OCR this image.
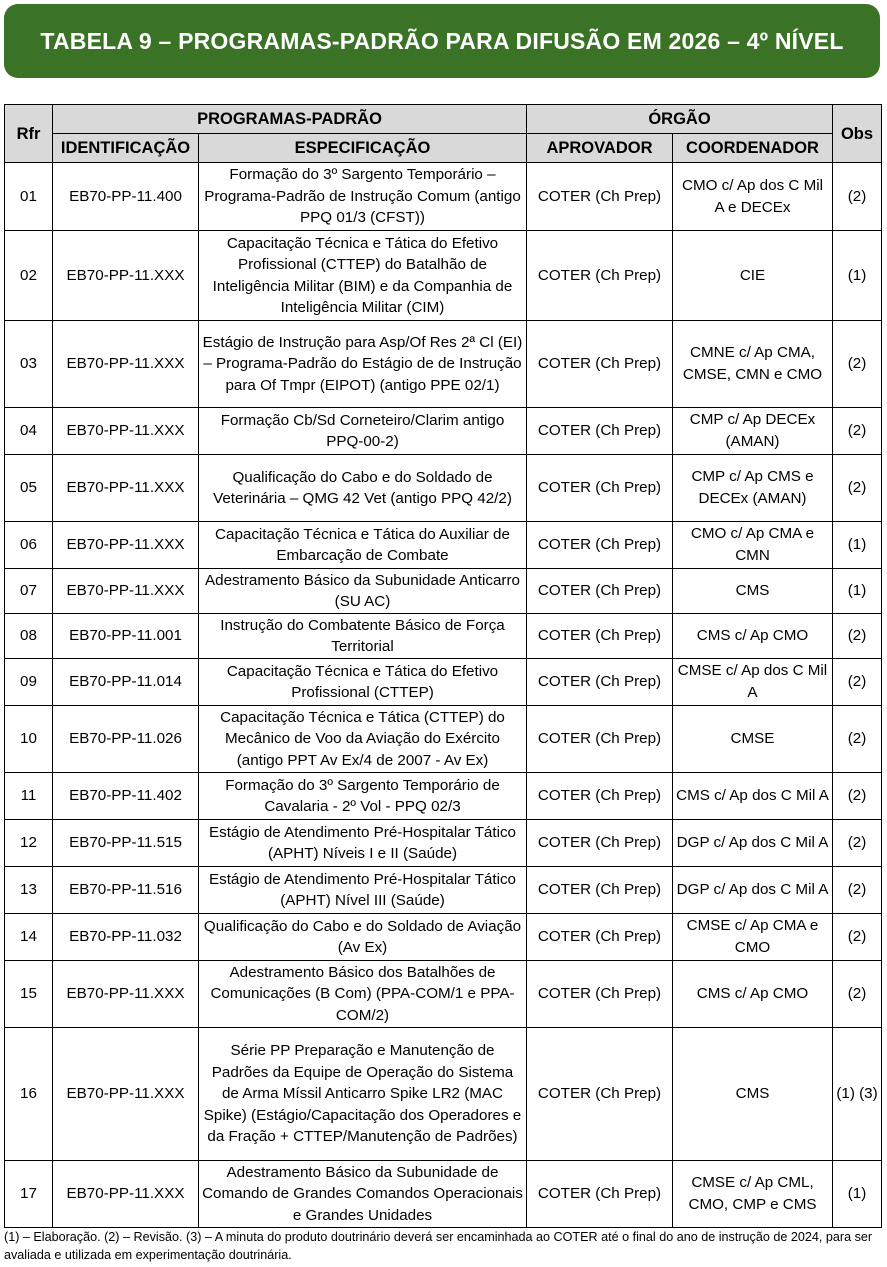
TABELA 9 – PROGRAMAS-PADRÃO PARA DIFUSÃO EM 2026 – 4º NÍVEL
Rfr	PROGRAMAS-PADRÃO		ÓRGÃO		Obs
	IDENTIFICAÇÃO	ESPECIFICAÇÃO	APROVADOR	COORDENADOR	
01	EB70-PP-11.400	Formação do 3º Sargento Temporário – Programa-Padrão de Instrução Comum (antigo PPQ 01/3 (CFST))	COTER (Ch Prep)	CMO c/ Ap dos C Mil A e DECEx	(2)
02	EB70-PP-11.XXX	Capacitação Técnica e Tática do Efetivo Profissional (CTTEP) do Batalhão de Inteligência Militar (BIM) e da Companhia de Inteligência Militar (CIM)	COTER (Ch Prep)	CIE	(1)
03	EB70-PP-11.XXX	Estágio de Instrução para Asp/Of Res 2ª Cl (EI) – Programa-Padrão do Estágio de de Instrução para Of Tmpr (EIPOT) (antigo PPE 02/1)	COTER (Ch Prep)	CMNE c/ Ap CMA, CMSE, CMN e CMO	(2)
04	EB70-PP-11.XXX	Formação Cb/Sd Corneteiro/Clarim antigo PPQ-00-2)	COTER (Ch Prep)	CMP c/ Ap DECEx (AMAN)	(2)
05	EB70-PP-11.XXX	Qualificação do Cabo e do Soldado de Veterinária – QMG 42 Vet (antigo PPQ 42/2)	COTER (Ch Prep)	CMP c/ Ap CMS e DECEx (AMAN)	(2)
06	EB70-PP-11.XXX	Capacitação Técnica e Tática do Auxiliar de Embarcação de Combate	COTER (Ch Prep)	CMO c/ Ap CMA e CMN	(1)
07	EB70-PP-11.XXX	Adestramento Básico da Subunidade Anticarro (SU AC)	COTER (Ch Prep)	CMS	(1)
08	EB70-PP-11.001	Instrução do Combatente Básico de Força Territorial	COTER (Ch Prep)	CMS c/ Ap CMO	(2)
09	EB70-PP-11.014	Capacitação Técnica e Tática do Efetivo Profissional (CTTEP)	COTER (Ch Prep)	CMSE c/ Ap dos C Mil A	(2)
10	EB70-PP-11.026	Capacitação Técnica e Tática (CTTEP) do Mecânico de Voo da Aviação do Exército (antigo PPT Av Ex/4 de 2007 - Av Ex)	COTER (Ch Prep)	CMSE	(2)
11	EB70-PP-11.402	Formação do 3º Sargento Temporário de Cavalaria - 2º Vol - PPQ 02/3	COTER (Ch Prep)	CMS c/ Ap dos C Mil A	(2)
12	EB70-PP-11.515	Estágio de Atendimento Pré-Hospitalar Tático (APHT) Níveis I e II (Saúde)	COTER (Ch Prep)	DGP c/ Ap dos C Mil A	(2)
13	EB70-PP-11.516	Estágio de Atendimento Pré-Hospitalar Tático (APHT) Nível III (Saúde)	COTER (Ch Prep)	DGP c/ Ap dos C Mil A	(2)
14	EB70-PP-11.032	Qualificação do Cabo e do Soldado de Aviação (Av Ex)	COTER (Ch Prep)	CMSE c/ Ap CMA e CMO	(2)
15	EB70-PP-11.XXX	Adestramento Básico dos Batalhões de Comunicações (B Com) (PPA-COM/1 e PPA-COM/2)	COTER (Ch Prep)	CMS c/ Ap CMO	(2)
16	EB70-PP-11.XXX	Série PP Preparação e Manutenção de Padrões da Equipe de Operação do Sistema de Arma Míssil Anticarro Spike LR2 (MAC Spike) (Estágio/Capacitação dos Operadores e da Fração + CTTEP/Manutenção de Padrões)	COTER (Ch Prep)	CMS	(1) (3)
17	EB70-PP-11.XXX	Adestramento Básico da Subunidade de Comando de Grandes Comandos Operacionais e Grandes Unidades	COTER (Ch Prep)	CMSE c/ Ap CML, CMO, CMP e CMS	(1)
(1) – Elaboração. (2) – Revisão. (3) – A minuta do produto doutrinário deverá ser encaminhada ao COTER até o final do ano de instrução de 2024, para ser avaliada e utilizada em experimentação doutrinária.
